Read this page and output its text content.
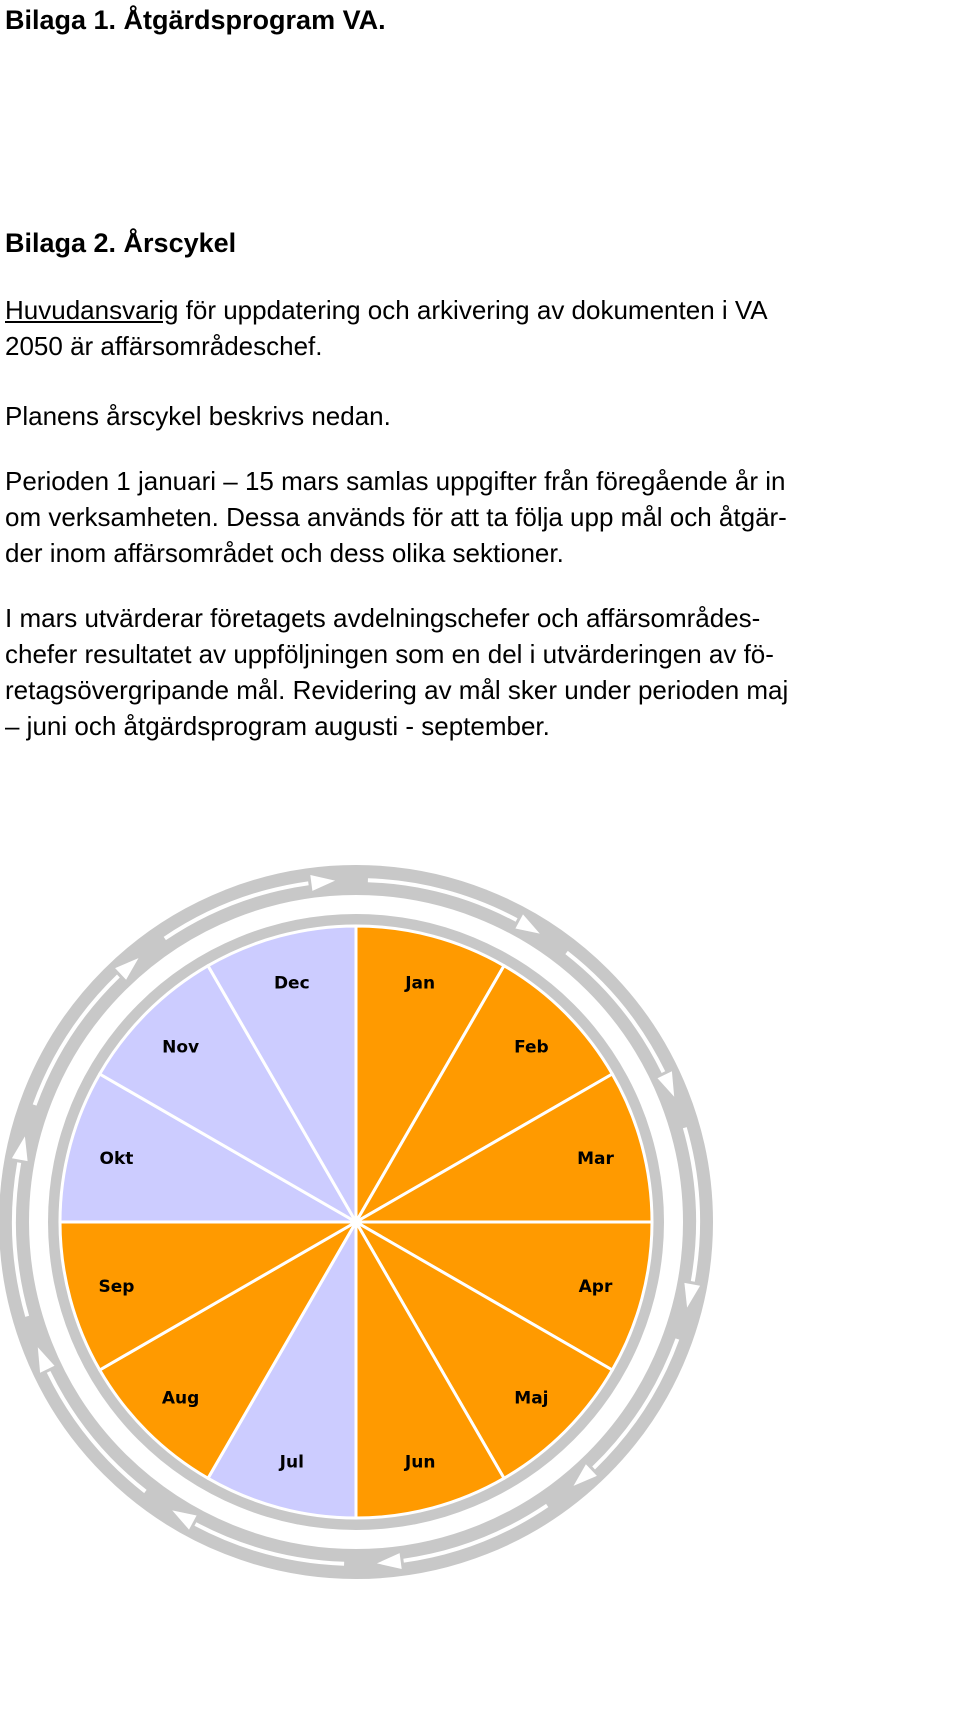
Bilaga 1. Åtgärdsprogram VA.
Bilaga 2. Årscykel

Huvudansvarig för uppdatering och arkivering av dokumenten i VA
2050 är affärsområdeschef.

Planens årscykel beskrivs nedan.

Perioden 1 januari – 15 mars samlas uppgifter från föregående år in
om verksamheten. Dessa används för att ta följa upp mål och åtgär-
der inom affärsområdet och dess olika sektioner.

I mars utvärderar företagets avdelningschefer och affärsområdes-
chefer resultatet av uppföljningen som en del i utvärderingen av fö-
retagsövergripande mål. Revidering av mål sker under perioden maj
– juni och åtgärdsprogram augusti - september.

Jan
Feb
Mar
Apr
Maj
Jun
Jul
Aug
Sep
Okt
Nov
Dec
